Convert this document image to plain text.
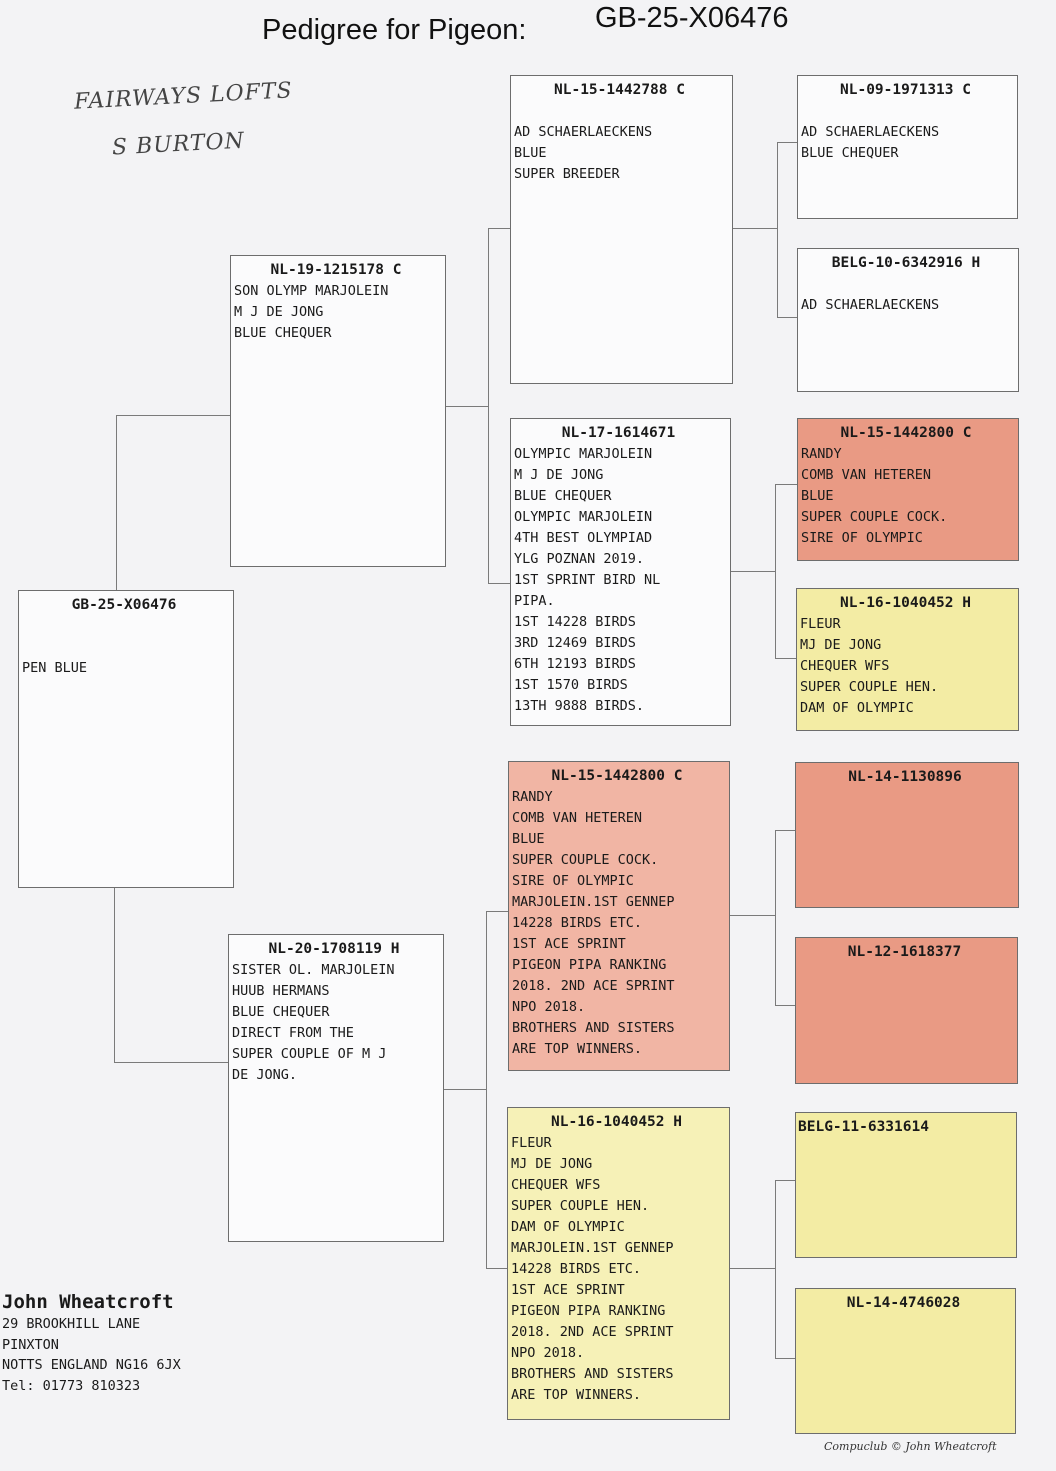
Pedigree for Pigeon: GB-25-X06476
FAIRWAYS LOFTS
S BURTON
GB-25-X06476

PEN BLUE
NL-19-1215178 C
SON OLYMP MARJOLEIN
M J DE JONG
BLUE CHEQUER
NL-20-1708119 H
SISTER OL. MARJOLEIN
HUUB HERMANS
BLUE CHEQUER
DIRECT FROM THE
SUPER COUPLE OF M J
DE JONG.
NL-15-1442788 C

AD SCHAERLAECKENS
BLUE
SUPER BREEDER
NL-17-1614671
OLYMPIC MARJOLEIN
M J DE JONG
BLUE CHEQUER
OLYMPIC MARJOLEIN
4TH BEST OLYMPIAD
YLG POZNAN 2019.
1ST SPRINT BIRD NL
PIPA.
1ST 14228 BIRDS
3RD 12469 BIRDS
6TH 12193 BIRDS
1ST 1570 BIRDS
13TH 9888 BIRDS.
NL-15-1442800 C
RANDY
COMB VAN HETEREN
BLUE
SUPER COUPLE COCK.
SIRE OF OLYMPIC
MARJOLEIN.1ST GENNEP
14228 BIRDS ETC.
1ST ACE SPRINT
PIGEON PIPA RANKING
2018. 2ND ACE SPRINT
NPO 2018.
BROTHERS AND SISTERS
ARE TOP WINNERS.
NL-16-1040452 H
FLEUR
MJ DE JONG
CHEQUER WFS
SUPER COUPLE HEN.
DAM OF OLYMPIC
MARJOLEIN.1ST GENNEP
14228 BIRDS ETC.
1ST ACE SPRINT
PIGEON PIPA RANKING
2018. 2ND ACE SPRINT
NPO 2018.
BROTHERS AND SISTERS
ARE TOP WINNERS.
NL-09-1971313 C

AD SCHAERLAECKENS
BLUE CHEQUER
BELG-10-6342916 H

AD SCHAERLAECKENS
NL-15-1442800 C
RANDY
COMB VAN HETEREN
BLUE
SUPER COUPLE COCK.
SIRE OF OLYMPIC
NL-16-1040452 H
FLEUR
MJ DE JONG
CHEQUER WFS
SUPER COUPLE HEN.
DAM OF OLYMPIC
NL-14-1130896
NL-12-1618377
BELG-11-6331614
NL-14-4746028
John Wheatcroft
29 BROOKHILL LANE
PINXTON
NOTTS ENGLAND NG16 6JX
Tel: 01773 810323
Compuclub © John Wheatcroft
